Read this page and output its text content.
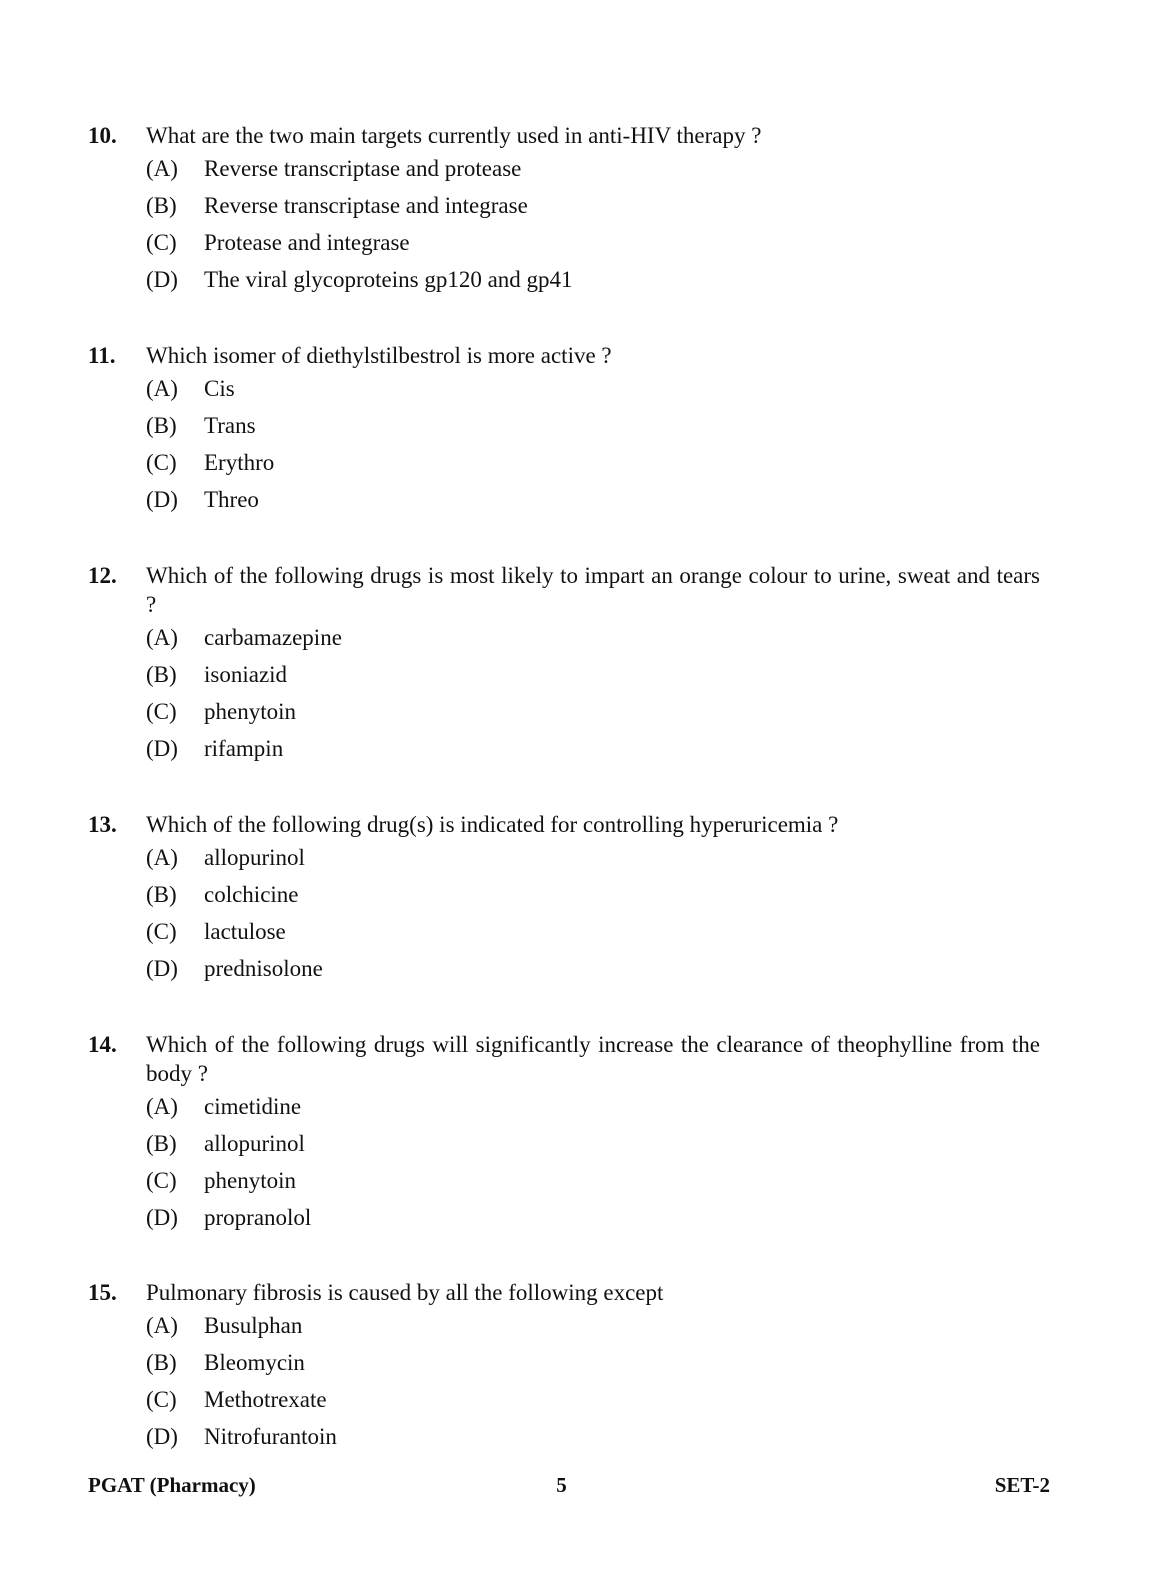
10. What are the two main targets currently used in anti-HIV therapy ?
(A) Reverse transcriptase and protease
(B) Reverse transcriptase and integrase
(C) Protease and integrase
(D) The viral glycoproteins gp120 and gp41
11. Which isomer of diethylstilbestrol is more active ?
(A) Cis
(B) Trans
(C) Erythro
(D) Threo
12. Which of the following drugs is most likely to impart an orange colour to urine, sweat and tears ?
(A) carbamazepine
(B) isoniazid
(C) phenytoin
(D) rifampin
13. Which of the following drug(s) is indicated for controlling hyperuricemia ?
(A) allopurinol
(B) colchicine
(C) lactulose
(D) prednisolone
14. Which of the following drugs will significantly increase the clearance of theophylline from the body ?
(A) cimetidine
(B) allopurinol
(C) phenytoin
(D) propranolol
15. Pulmonary fibrosis is caused by all the following except
(A) Busulphan
(B) Bleomycin
(C) Methotrexate
(D) Nitrofurantoin
PGAT (Pharmacy)	5	SET-2
